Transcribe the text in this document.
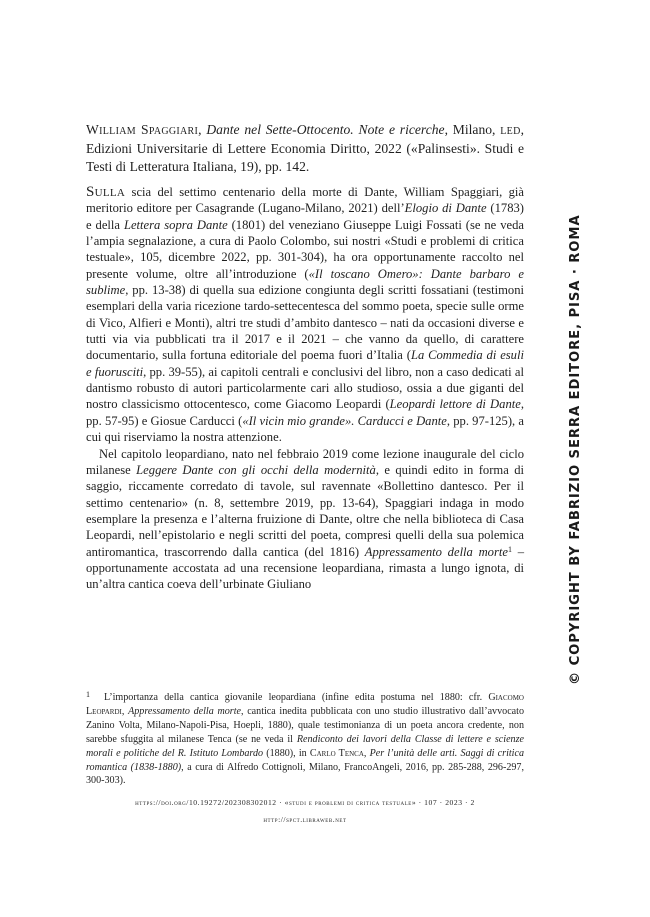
William Spaggiari, Dante nel Sette-Ottocento. Note e ricerche, Milano, led, Edizioni Universitarie di Lettere Economia Diritto, 2022 («Palinsesti». Studi e Testi di Letteratura Italiana, 19), pp. 142.

Sulla scia del settimo centenario della morte di Dante, William Spaggiari, già meritorio editore per Casagrande (Lugano-Milano, 2021) dell’Elogio di Dante (1783) e della Lettera sopra Dante (1801) del veneziano Giuseppe Luigi Fossati (se ne veda l’ampia segnalazione, a cura di Paolo Colombo, sui nostri «Studi e problemi di critica testuale», 105, dicembre 2022, pp. 301-304), ha ora opportunamente raccolto nel presente volume, oltre all’introduzione («Il toscano Omero»: Dante barbaro e sublime, pp. 13-38) di quella sua edizione congiunta degli scritti fossatiani (testimoni esemplari della varia ricezione tardo-settecentesca del sommo poeta, specie sulle orme di Vico, Alfieri e Monti), altri tre studi d’ambito dantesco – nati da occasioni diverse e tutti via via pubblicati tra il 2017 e il 2021 – che vanno da quello, di carattere documentario, sulla fortuna editoriale del poema fuori d’Italia (La Commedia di esuli e fuorusciti, pp. 39-55), ai capitoli centrali e conclusivi del libro, non a caso dedicati al dantismo robusto di autori particolarmente cari allo studioso, ossia a due giganti del nostro classicismo ottocentesco, come Giacomo Leopardi (Leopardi lettore di Dante, pp. 57-95) e Giosue Carducci («Il vicin mio grande». Carducci e Dante, pp. 97-125), a cui qui riserviamo la nostra attenzione.

Nel capitolo leopardiano, nato nel febbraio 2019 come lezione inaugurale del ciclo milanese Leggere Dante con gli occhi della modernità, e quindi edito in forma di saggio, riccamente corredato di tavole, sul ravennate «Bollettino dantesco. Per il settimo centenario» (n. 8, settembre 2019, pp. 13-64), Spaggiari indaga in modo esemplare la presenza e l’alterna fruizione di Dante, oltre che nella biblioteca di Casa Leopardi, nell’epistolario e negli scritti del poeta, compresi quelli della sua polemica antiromantica, trascorrendo dalla cantica (del 1816) Appressamento della morte$^1$ – opportunamente accostata ad una recensione leopardiana, rimasta a lungo ignota, di un’altra cantica coeva dell’urbinate Giuliano

1 L’importanza della cantica giovanile leopardiana (infine edita postuma nel 1880: cfr. Giacomo Leopardi, Appressamento della morte, cantica inedita pubblicata con uno studio illustrativo dall’avvocato Zanino Volta, Milano-Napoli-Pisa, Hoepli, 1880), quale testimonianza di un poeta ancora credente, non sarebbe sfuggita al milanese Tenca (se ne veda il Rendiconto dei lavori della Classe di lettere e scienze morali e politiche del R. Istituto Lombardo (1880), in Carlo Tenca, Per l’unità delle arti. Saggi di critica romantica (1838-1880), a cura di Alfredo Cottignoli, Milano, FrancoAngeli, 2016, pp. 285-288, 296-297, 300-303).
https://doi.org/10.19272/202308302012 · «studi e problemi di critica testuale» · 107 · 2023 · 2
http://spct.libraweb.net
© COPYRIGHT BY FABRIZIO SERRA EDITORE, PISA · ROMA
